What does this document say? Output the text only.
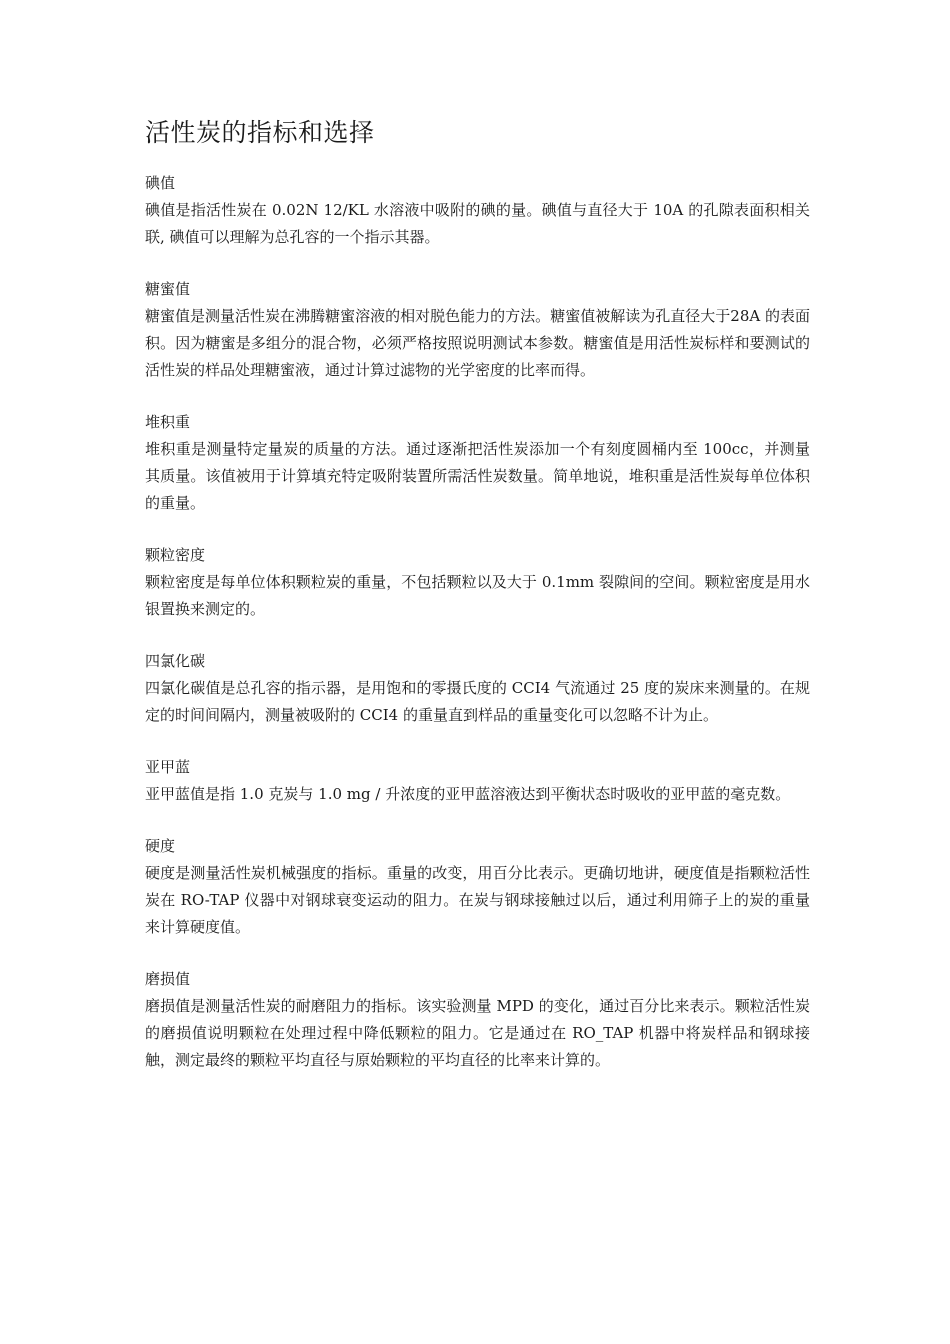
活性炭的指标和选择

碘值

碘值是指活性炭在 0.02N 12/KL 水溶液中吸附的碘的量。碘值与直径大于 10A 的孔隙表面积相关联, 碘值可以理解为总孔容的一个指示其器。

糖蜜值

糖蜜值是测量活性炭在沸腾糖蜜溶液的相对脱色能力的方法。糖蜜值被解读为孔直径大于28A 的表面积。因为糖蜜是多组分的混合物，必须严格按照说明测试本参数。糖蜜值是用活性炭标样和要测试的活性炭的样品处理糖蜜液，通过计算过滤物的光学密度的比率而得。

堆积重

堆积重是测量特定量炭的质量的方法。通过逐渐把活性炭添加一个有刻度圆桶内至 100cc，并测量其质量。该值被用于计算填充特定吸附装置所需活性炭数量。简单地说，堆积重是活性炭每单位体积的重量。

颗粒密度

颗粒密度是每单位体积颗粒炭的重量，不包括颗粒以及大于 0.1mm 裂隙间的空间。颗粒密度是用水银置换来测定的。

四氯化碳

四氯化碳值是总孔容的指示器，是用饱和的零摄氏度的 CCI4 气流通过 25 度的炭床来测量的。在规定的时间间隔内，测量被吸附的 CCI4 的重量直到样品的重量变化可以忽略不计为止。

亚甲蓝

亚甲蓝值是指 1.0 克炭与 1.0 mg / 升浓度的亚甲蓝溶液达到平衡状态时吸收的亚甲蓝的毫克数。

硬度

硬度是测量活性炭机械强度的指标。重量的改变，用百分比表示。更确切地讲，硬度值是指颗粒活性炭在 RO-TAP 仪器中对钢球衰变运动的阻力。在炭与钢球接触过以后，通过利用筛子上的炭的重量来计算硬度值。

磨损值

磨损值是测量活性炭的耐磨阻力的指标。该实验测量 MPD 的变化，通过百分比来表示。颗粒活性炭的磨损值说明颗粒在处理过程中降低颗粒的阻力。它是通过在 RO_TAP 机器中将炭样品和钢球接触，测定最终的颗粒平均直径与原始颗粒的平均直径的比率来计算的。
